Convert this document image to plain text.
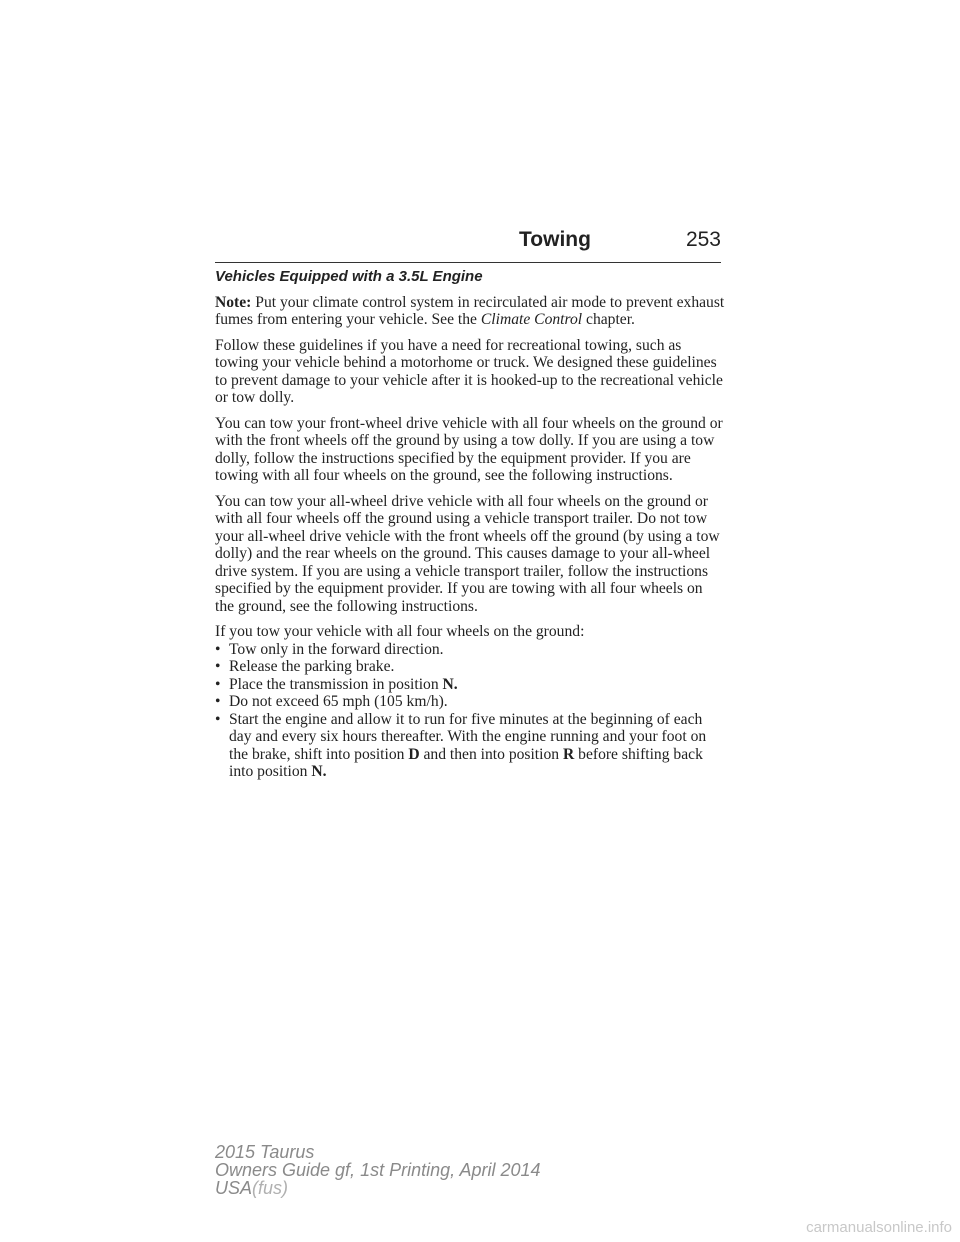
Towing	253
Vehicles Equipped with a 3.5L Engine

Note: Put your climate control system in recirculated air mode to prevent exhaust fumes from entering your vehicle. See the Climate Control chapter.

Follow these guidelines if you have a need for recreational towing, such as towing your vehicle behind a motorhome or truck. We designed these guidelines to prevent damage to your vehicle after it is hooked-up to the recreational vehicle or tow dolly.

You can tow your front-wheel drive vehicle with all four wheels on the ground or with the front wheels off the ground by using a tow dolly. If you are using a tow dolly, follow the instructions specified by the equipment provider. If you are towing with all four wheels on the ground, see the following instructions.

You can tow your all-wheel drive vehicle with all four wheels on the ground or with all four wheels off the ground using a vehicle transport trailer. Do not tow your all-wheel drive vehicle with the front wheels off the ground (by using a tow dolly) and the rear wheels on the ground. This causes damage to your all-wheel drive system. If you are using a vehicle transport trailer, follow the instructions specified by the equipment provider. If you are towing with all four wheels on the ground, see the following instructions.

If you tow your vehicle with all four wheels on the ground:

• Tow only in the forward direction.
• Release the parking brake.
• Place the transmission in position N.
• Do not exceed 65 mph (105 km/h).
• Start the engine and allow it to run for five minutes at the beginning of each day and every six hours thereafter. With the engine running and your foot on the brake, shift into position D and then into position R before shifting back into position N.
2015 Taurus
Owners Guide gf, 1st Printing, April 2014
USA(fus)
carmanualsonline.info
